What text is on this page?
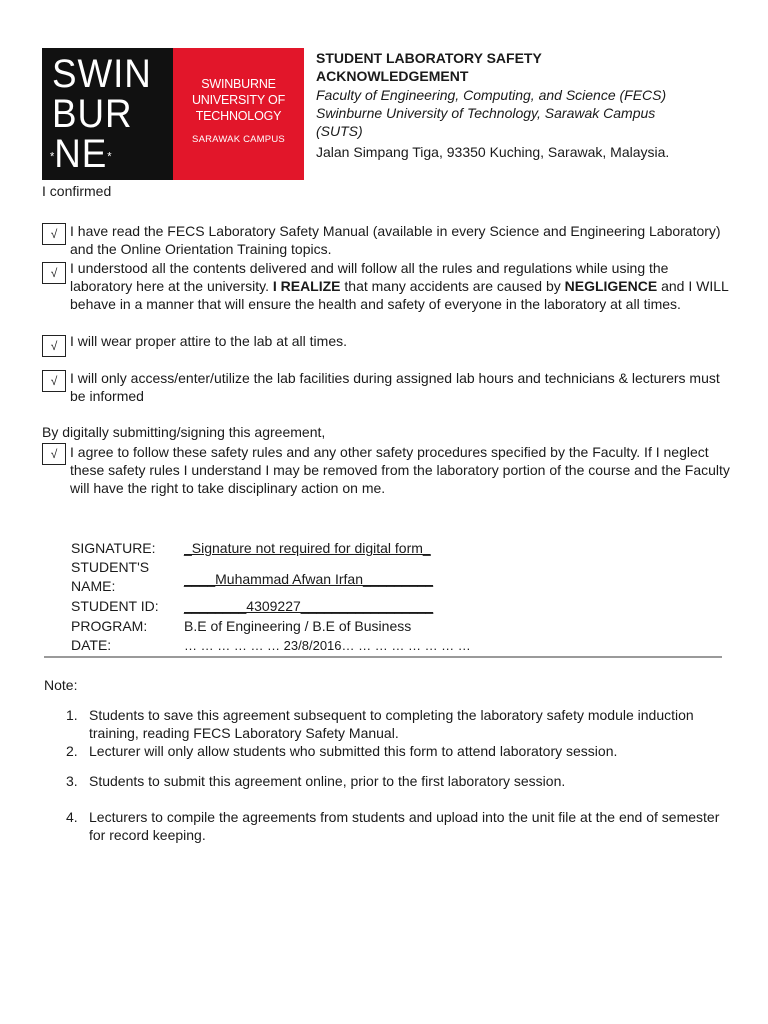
SWIN
BUR
*NE*
SWINBURNE
UNIVERSITY OF
TECHNOLOGY
SARAWAK CAMPUS
STUDENT LABORATORY SAFETY
ACKNOWLEDGEMENT
Faculty of Engineering, Computing, and Science (FECS)
Swinburne University of Technology, Sarawak Campus
(SUTS)
Jalan Simpang Tiga, 93350 Kuching, Sarawak, Malaysia.
I confirmed
√ I have read the FECS Laboratory Safety Manual (available in every Science and Engineering Laboratory) and the Online Orientation Training topics.
√ I understood all the contents delivered and will follow all the rules and regulations while using the laboratory here at the university. I REALIZE that many accidents are caused by NEGLIGENCE and I WILL behave in a manner that will ensure the health and safety of everyone in the laboratory at all times.
√ I will wear proper attire to the lab at all times.
√ I will only access/enter/utilize the lab facilities during assigned lab hours and technicians & lecturers must be informed
By digitally submitting/signing this agreement,
√ I agree to follow these safety rules and any other safety procedures specified by the Faculty. If I neglect these safety rules I understand I may be removed from the laboratory portion of the course and the Faculty will have the right to take disciplinary action on me.
SIGNATURE: _Signature not required for digital form_
STUDENT'S
NAME:	____Muhammad Afwan Irfan_________
STUDENT ID: ________4309227_________________
PROGRAM:	B.E of Engineering / B.E of Business
DATE:	… … … … … … 23/8/2016… … … … … … … …
Note:
1. Students to save this agreement subsequent to completing the laboratory safety module induction training, reading FECS Laboratory Safety Manual.
2. Lecturer will only allow students who submitted this form to attend laboratory session.
3. Students to submit this agreement online, prior to the first laboratory session.
4. Lecturers to compile the agreements from students and upload into the unit file at the end of semester for record keeping.
